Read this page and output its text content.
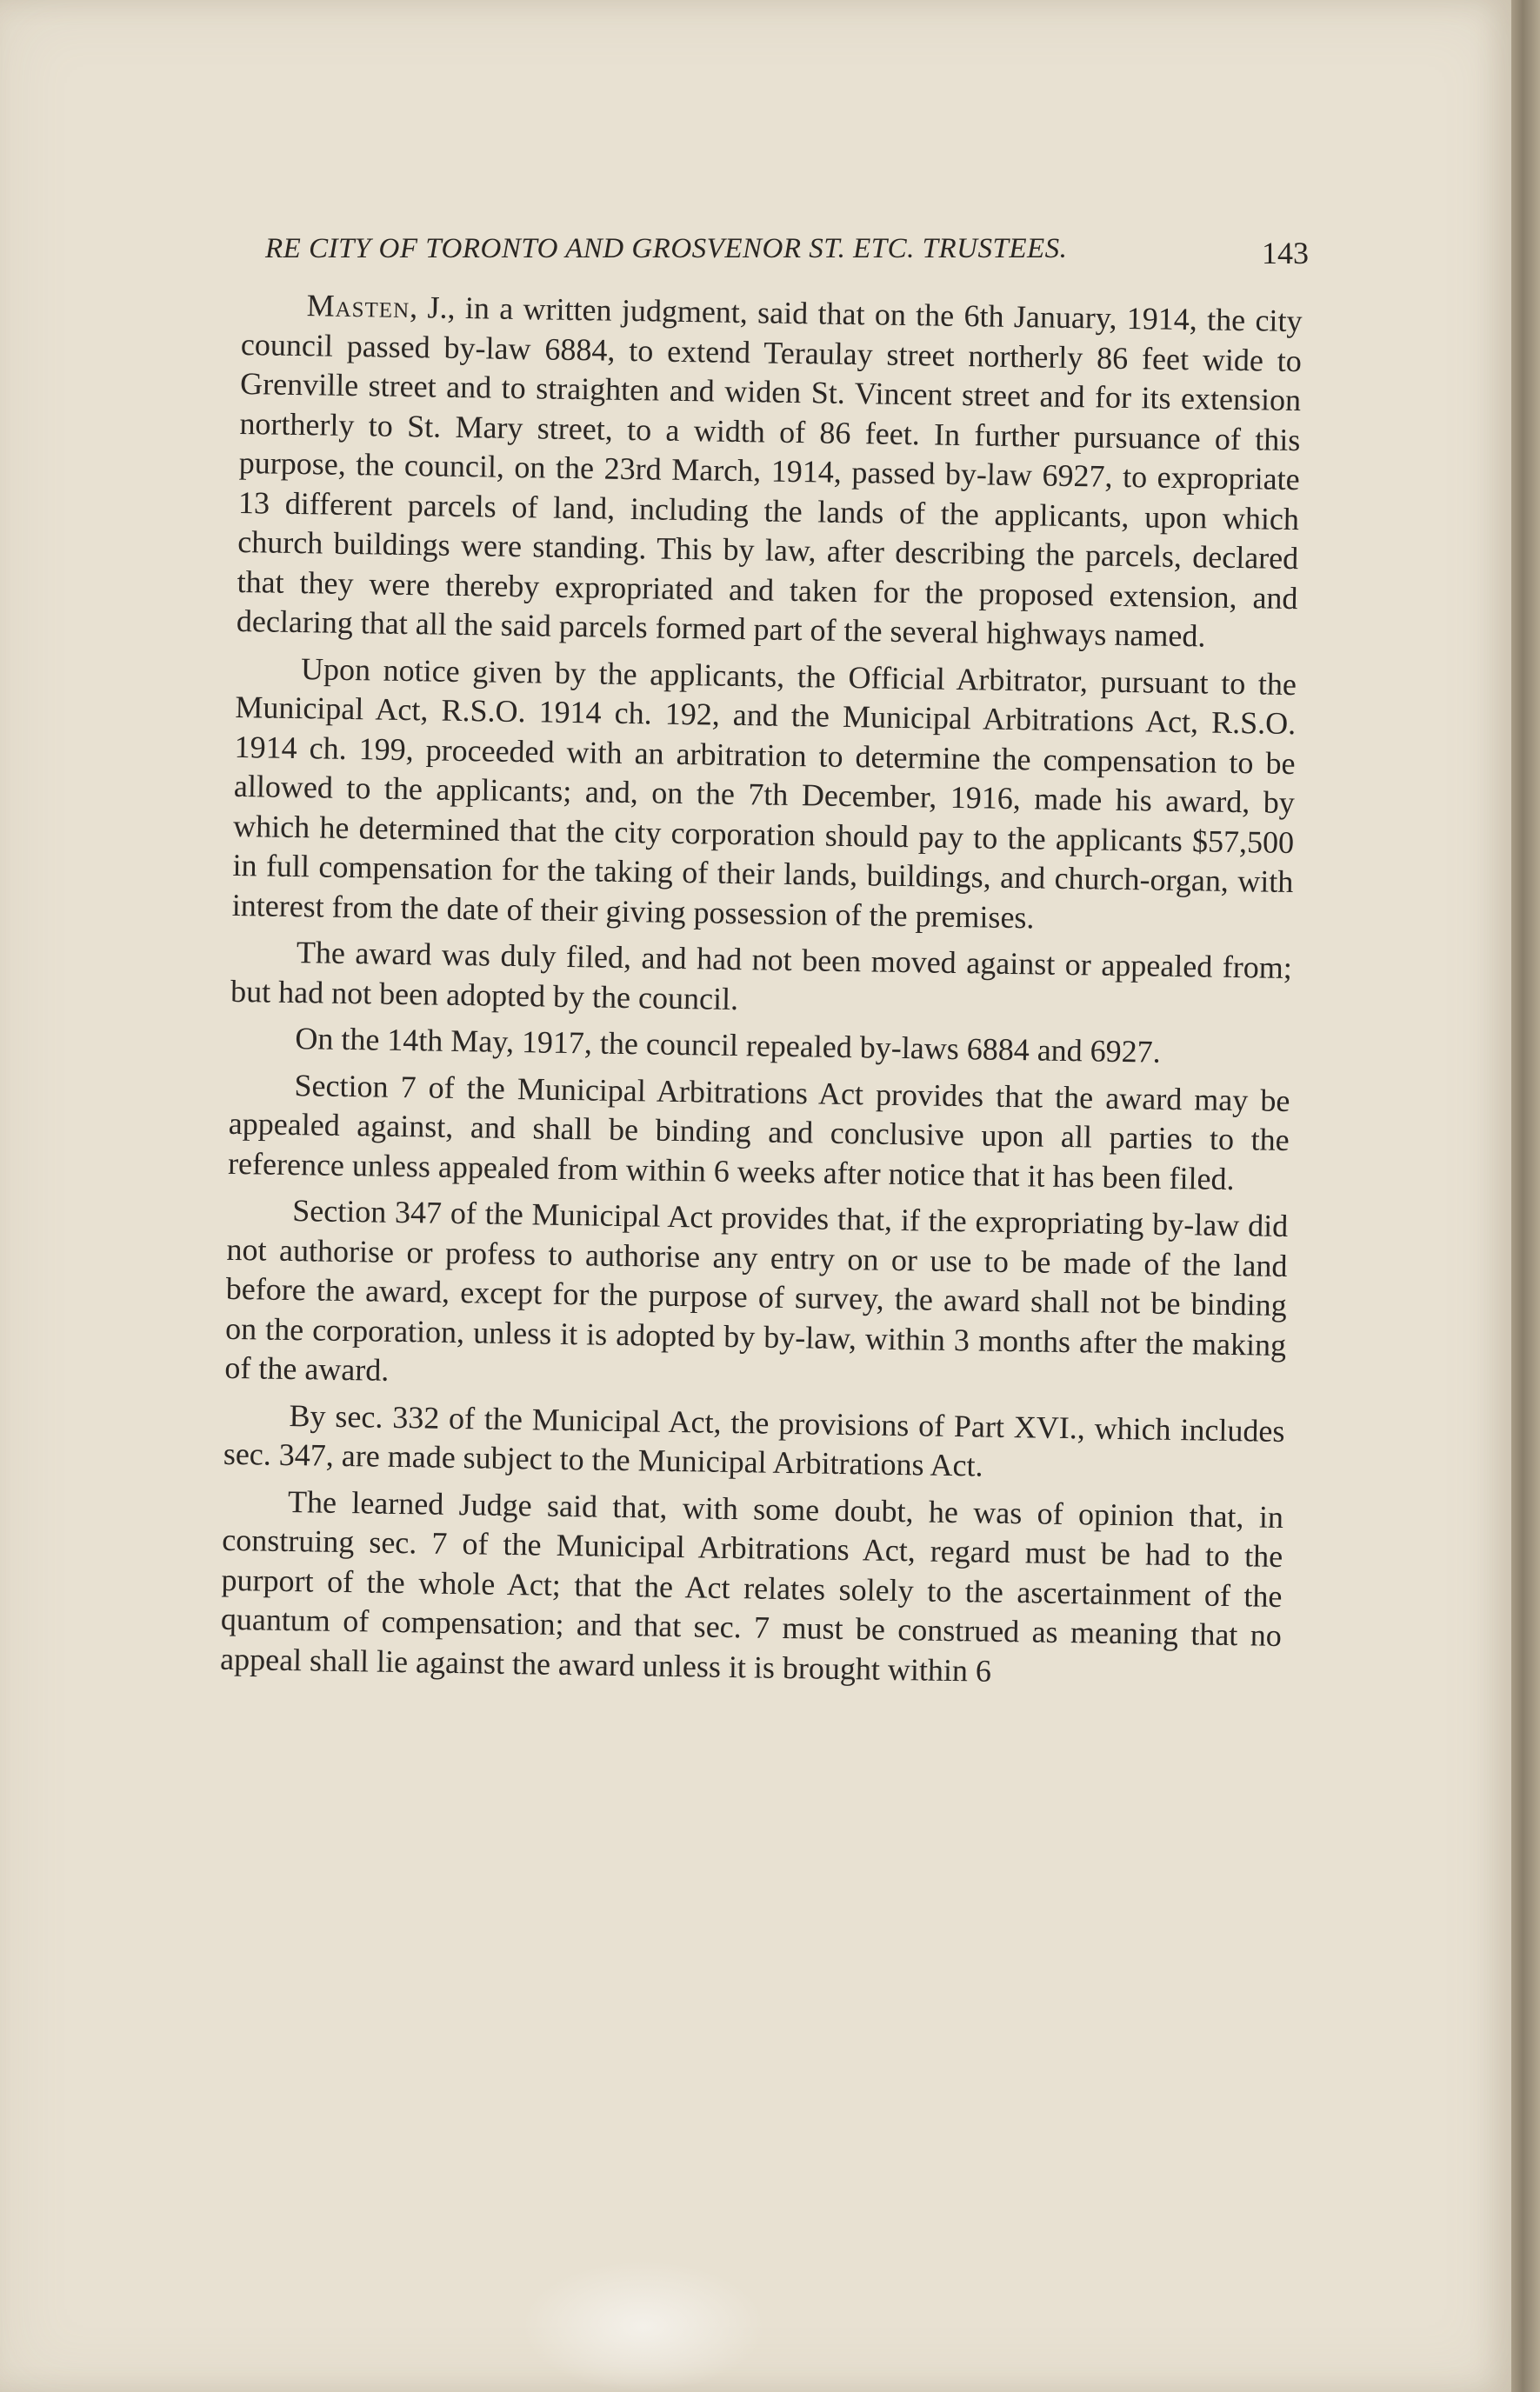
RE CITY OF TORONTO AND GROSVENOR ST. ETC. TRUSTEES.	143

Masten, J., in a written judgment, said that on the 6th January, 1914, the city council passed by-law 6884, to extend Teraulay street northerly 86 feet wide to Grenville street and to straighten and widen St. Vincent street and for its extension northerly to St. Mary street, to a width of 86 feet. In further pursuance of this purpose, the council, on the 23rd March, 1914, passed by-law 6927, to expropriate 13 different parcels of land, including the lands of the applicants, upon which church buildings were standing. This by law, after describing the parcels, declared that they were thereby expropriated and taken for the proposed extension, and declaring that all the said parcels formed part of the several highways named.

Upon notice given by the applicants, the Official Arbitrator, pursuant to the Municipal Act, R.S.O. 1914 ch. 192, and the Municipal Arbitrations Act, R.S.O. 1914 ch. 199, proceeded with an arbitration to determine the compensation to be allowed to the applicants; and, on the 7th December, 1916, made his award, by which he determined that the city corporation should pay to the applicants $57,500 in full compensation for the taking of their lands, buildings, and church-organ, with interest from the date of their giving possession of the premises.

The award was duly filed, and had not been moved against or appealed from; but had not been adopted by the council.

On the 14th May, 1917, the council repealed by-laws 6884 and 6927.

Section 7 of the Municipal Arbitrations Act provides that the award may be appealed against, and shall be binding and conclusive upon all parties to the reference unless appealed from within 6 weeks after notice that it has been filed.

Section 347 of the Municipal Act provides that, if the expropriating by-law did not authorise or profess to authorise any entry on or use to be made of the land before the award, except for the purpose of survey, the award shall not be binding on the corporation, unless it is adopted by by-law, within 3 months after the making of the award.

By sec. 332 of the Municipal Act, the provisions of Part XVI., which includes sec. 347, are made subject to the Municipal Arbitrations Act.

The learned Judge said that, with some doubt, he was of opinion that, in construing sec. 7 of the Municipal Arbitrations Act, regard must be had to the purport of the whole Act; that the Act relates solely to the ascertainment of the quantum of compensation; and that sec. 7 must be construed as meaning that no appeal shall lie against the award unless it is brought within 6
